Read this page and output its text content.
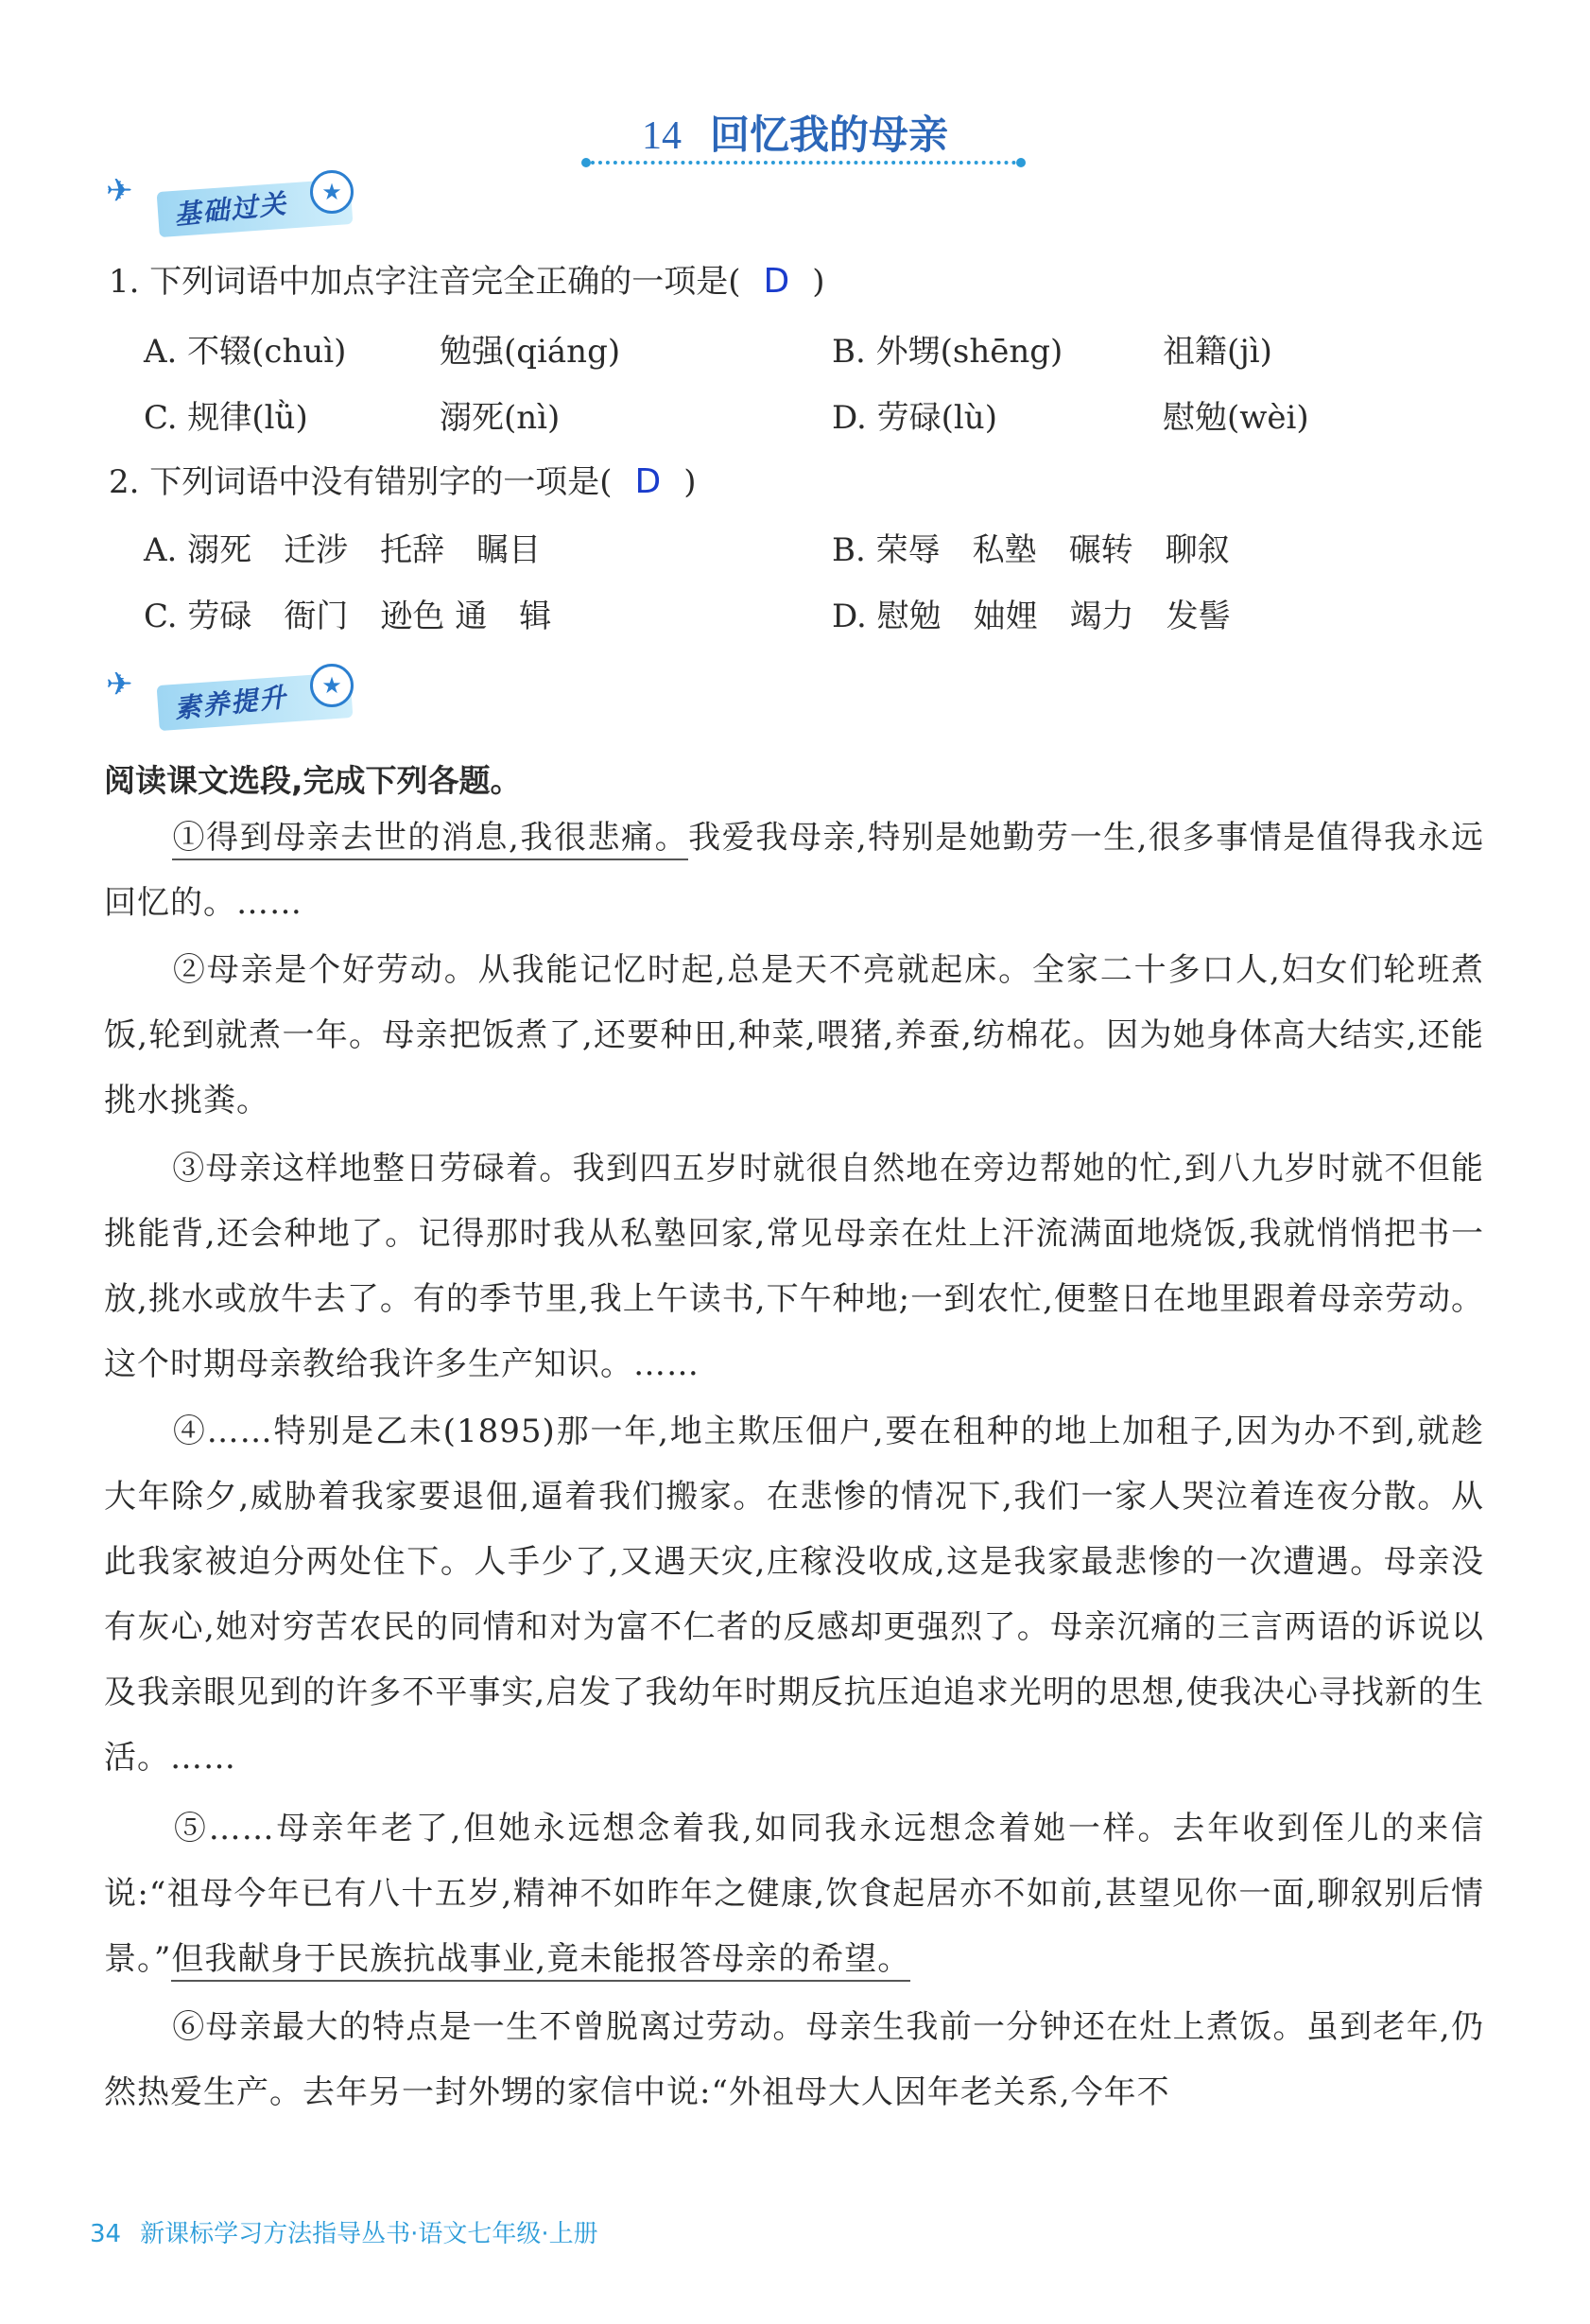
14 回忆我的母亲
✈	基础过关	★
1. 下列词语中加点字注音完全正确的一项是( D )
A. 不辍(chuì)	勉强(qiáng)	B. 外甥(shēng)	祖籍(jì)
C. 规律(lǜ)	溺死(nì)	D. 劳碌(lù)	慰勉(wèi)
2. 下列词语中没有错别字的一项是( D )
A. 溺死　迁涉　托辞　瞩目	B. 荣辱　私塾　碾转　聊叙
C. 劳碌　衙门　逊色 通　辑	D. 慰勉　妯娌　竭力　发髻
✈	素养提升	★
阅读课文选段,完成下列各题。
①得到母亲去世的消息,我很悲痛。我爱我母亲,特别是她勤劳一生,很多事情是值得我永远回忆的。……
②母亲是个好劳动。从我能记忆时起,总是天不亮就起床。全家二十多口人,妇女们轮班煮饭,轮到就煮一年。母亲把饭煮了,还要种田,种菜,喂猪,养蚕,纺棉花。因为她身体高大结实,还能挑水挑粪。
③母亲这样地整日劳碌着。我到四五岁时就很自然地在旁边帮她的忙,到八九岁时就不但能挑能背,还会种地了。记得那时我从私塾回家,常见母亲在灶上汗流满面地烧饭,我就悄悄把书一放,挑水或放牛去了。有的季节里,我上午读书,下午种地;一到农忙,便整日在地里跟着母亲劳动。这个时期母亲教给我许多生产知识。……
④……特别是乙未(1895)那一年,地主欺压佃户,要在租种的地上加租子,因为办不到,就趁大年除夕,威胁着我家要退佃,逼着我们搬家。在悲惨的情况下,我们一家人哭泣着连夜分散。从此我家被迫分两处住下。人手少了,又遇天灾,庄稼没收成,这是我家最悲惨的一次遭遇。母亲没有灰心,她对穷苦农民的同情和对为富不仁者的反感却更强烈了。母亲沉痛的三言两语的诉说以及我亲眼见到的许多不平事实,启发了我幼年时期反抗压迫追求光明的思想,使我决心寻找新的生活。……
⑤……母亲年老了,但她永远想念着我,如同我永远想念着她一样。去年收到侄儿的来信说:“祖母今年已有八十五岁,精神不如昨年之健康,饮食起居亦不如前,甚望见你一面,聊叙别后情景。”但我献身于民族抗战事业,竟未能报答母亲的希望。
⑥母亲最大的特点是一生不曾脱离过劳动。母亲生我前一分钟还在灶上煮饭。虽到老年,仍然热爱生产。去年另一封外甥的家信中说:“外祖母大人因年老关系,今年不
34 新课标学习方法指导丛书·语文七年级·上册
